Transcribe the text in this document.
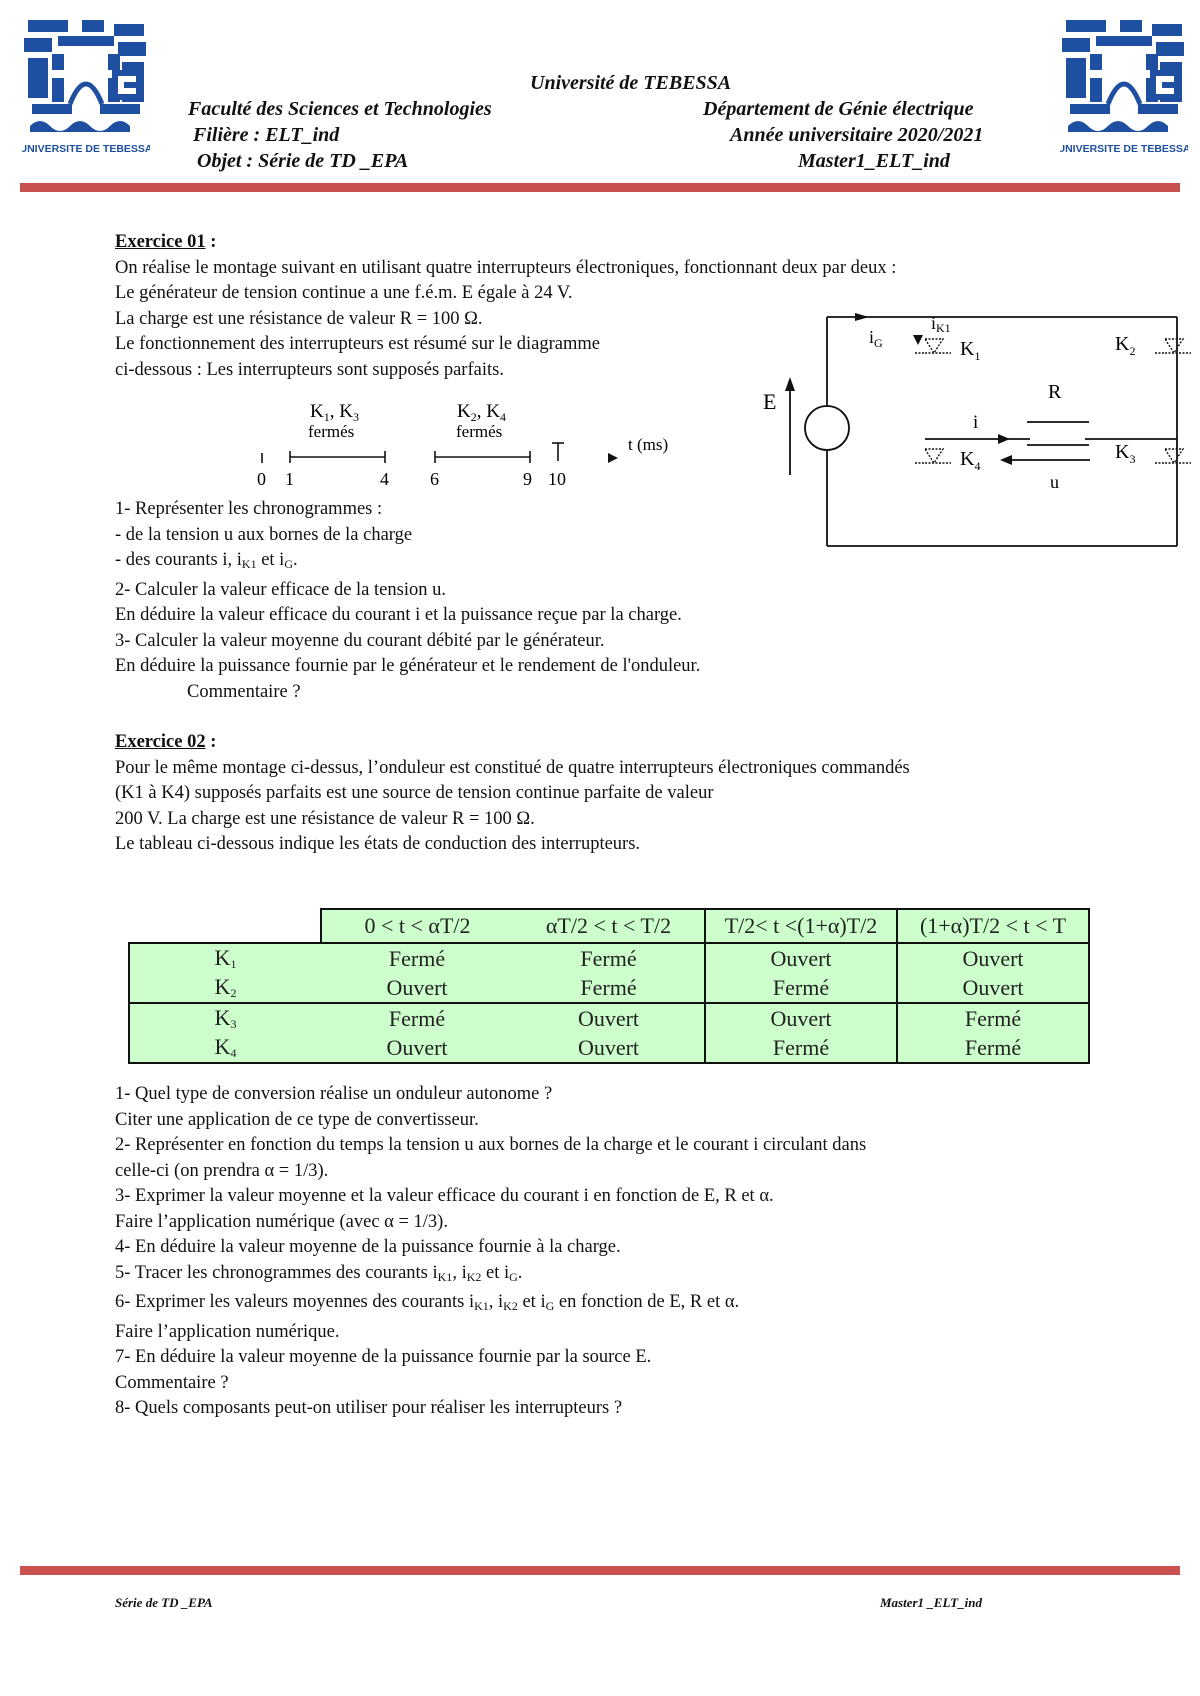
UNIVERSITE DE TEBESSA	UNIVERSITE DE TEBESSA
Université de TEBESSA
Faculté des Sciences et Technologies	Département de Génie électrique
Filière : ELT_ind	Année universitaire 2020/2021
Objet : Série de TD _EPA	Master1_ELT_ind

Exercice 01 :

On réalise le montage suivant en utilisant quatre interrupteurs électroniques, fonctionnant deux par deux :

Le générateur de tension continue a une f.é.m. E égale à 24 V.

La charge est une résistance de valeur R = 100 Ω.

Le fonctionnement des interrupteurs est résumé sur le diagramme

ci-dessous : Les interrupteurs sont supposés parfaits.

$K_1$, $K_3$
fermés
$K_2$, $K_4$
fermés
t (ms)
0 1	4 6	9 10

1- Représenter les chronogrammes :

- de la tension u aux bornes de la charge

- des courants i, $i_{K1}$ et $i_G$.

2- Calculer la valeur efficace de la tension u.

En déduire la valeur efficace du courant i et la puissance reçue par la charge.

3- Calculer la valeur moyenne du courant débité par le générateur.

En déduire la puissance fournie par le générateur et le rendement de l'onduleur.

Commentaire ?

E
$i_G$
iK1
$K_1$
$K_2$
$K_3$
$K_4$
R
i
u

Exercice 02 :

Pour le même montage ci-dessus, l’onduleur est constitué de quatre interrupteurs électroniques commandés

(K1 à K4) supposés parfaits est une source de tension continue parfaite de valeur

200 V. La charge est une résistance de valeur R = 100 Ω.

Le tableau ci-dessous indique les états de conduction des interrupteurs.

	0 < t < αT/2	αT/2 < t < T/2	T/2< t <(1+α)T/2	(1+α)T/2 < t < T
$K_1$	Fermé	Fermé	Ouvert	Ouvert
$K_2$	Ouvert	Fermé	Fermé	Ouvert
$K_3$	Fermé	Ouvert	Ouvert	Fermé
$K_4$	Ouvert	Ouvert	Fermé	Fermé

1- Quel type de conversion réalise un onduleur autonome ?

Citer une application de ce type de convertisseur.

2- Représenter en fonction du temps la tension u aux bornes de la charge et le courant i circulant dans

celle-ci (on prendra α = 1/3).

3- Exprimer la valeur moyenne et la valeur efficace du courant i en fonction de E, R et α.

Faire l’application numérique (avec α = 1/3).

4- En déduire la valeur moyenne de la puissance fournie à la charge.

5- Tracer les chronogrammes des courants $i_{K1}$, $i_{K2}$ et $i_G$.

6- Exprimer les valeurs moyennes des courants $i_{K1}$, $i_{K2}$ et $i_G$ en fonction de E, R et α.

Faire l’application numérique.

7- En déduire la valeur moyenne de la puissance fournie par la source E.

Commentaire ?

8- Quels composants peut-on utiliser pour réaliser les interrupteurs ?

Série de TD _EPA	Master1 _ELT_ind
